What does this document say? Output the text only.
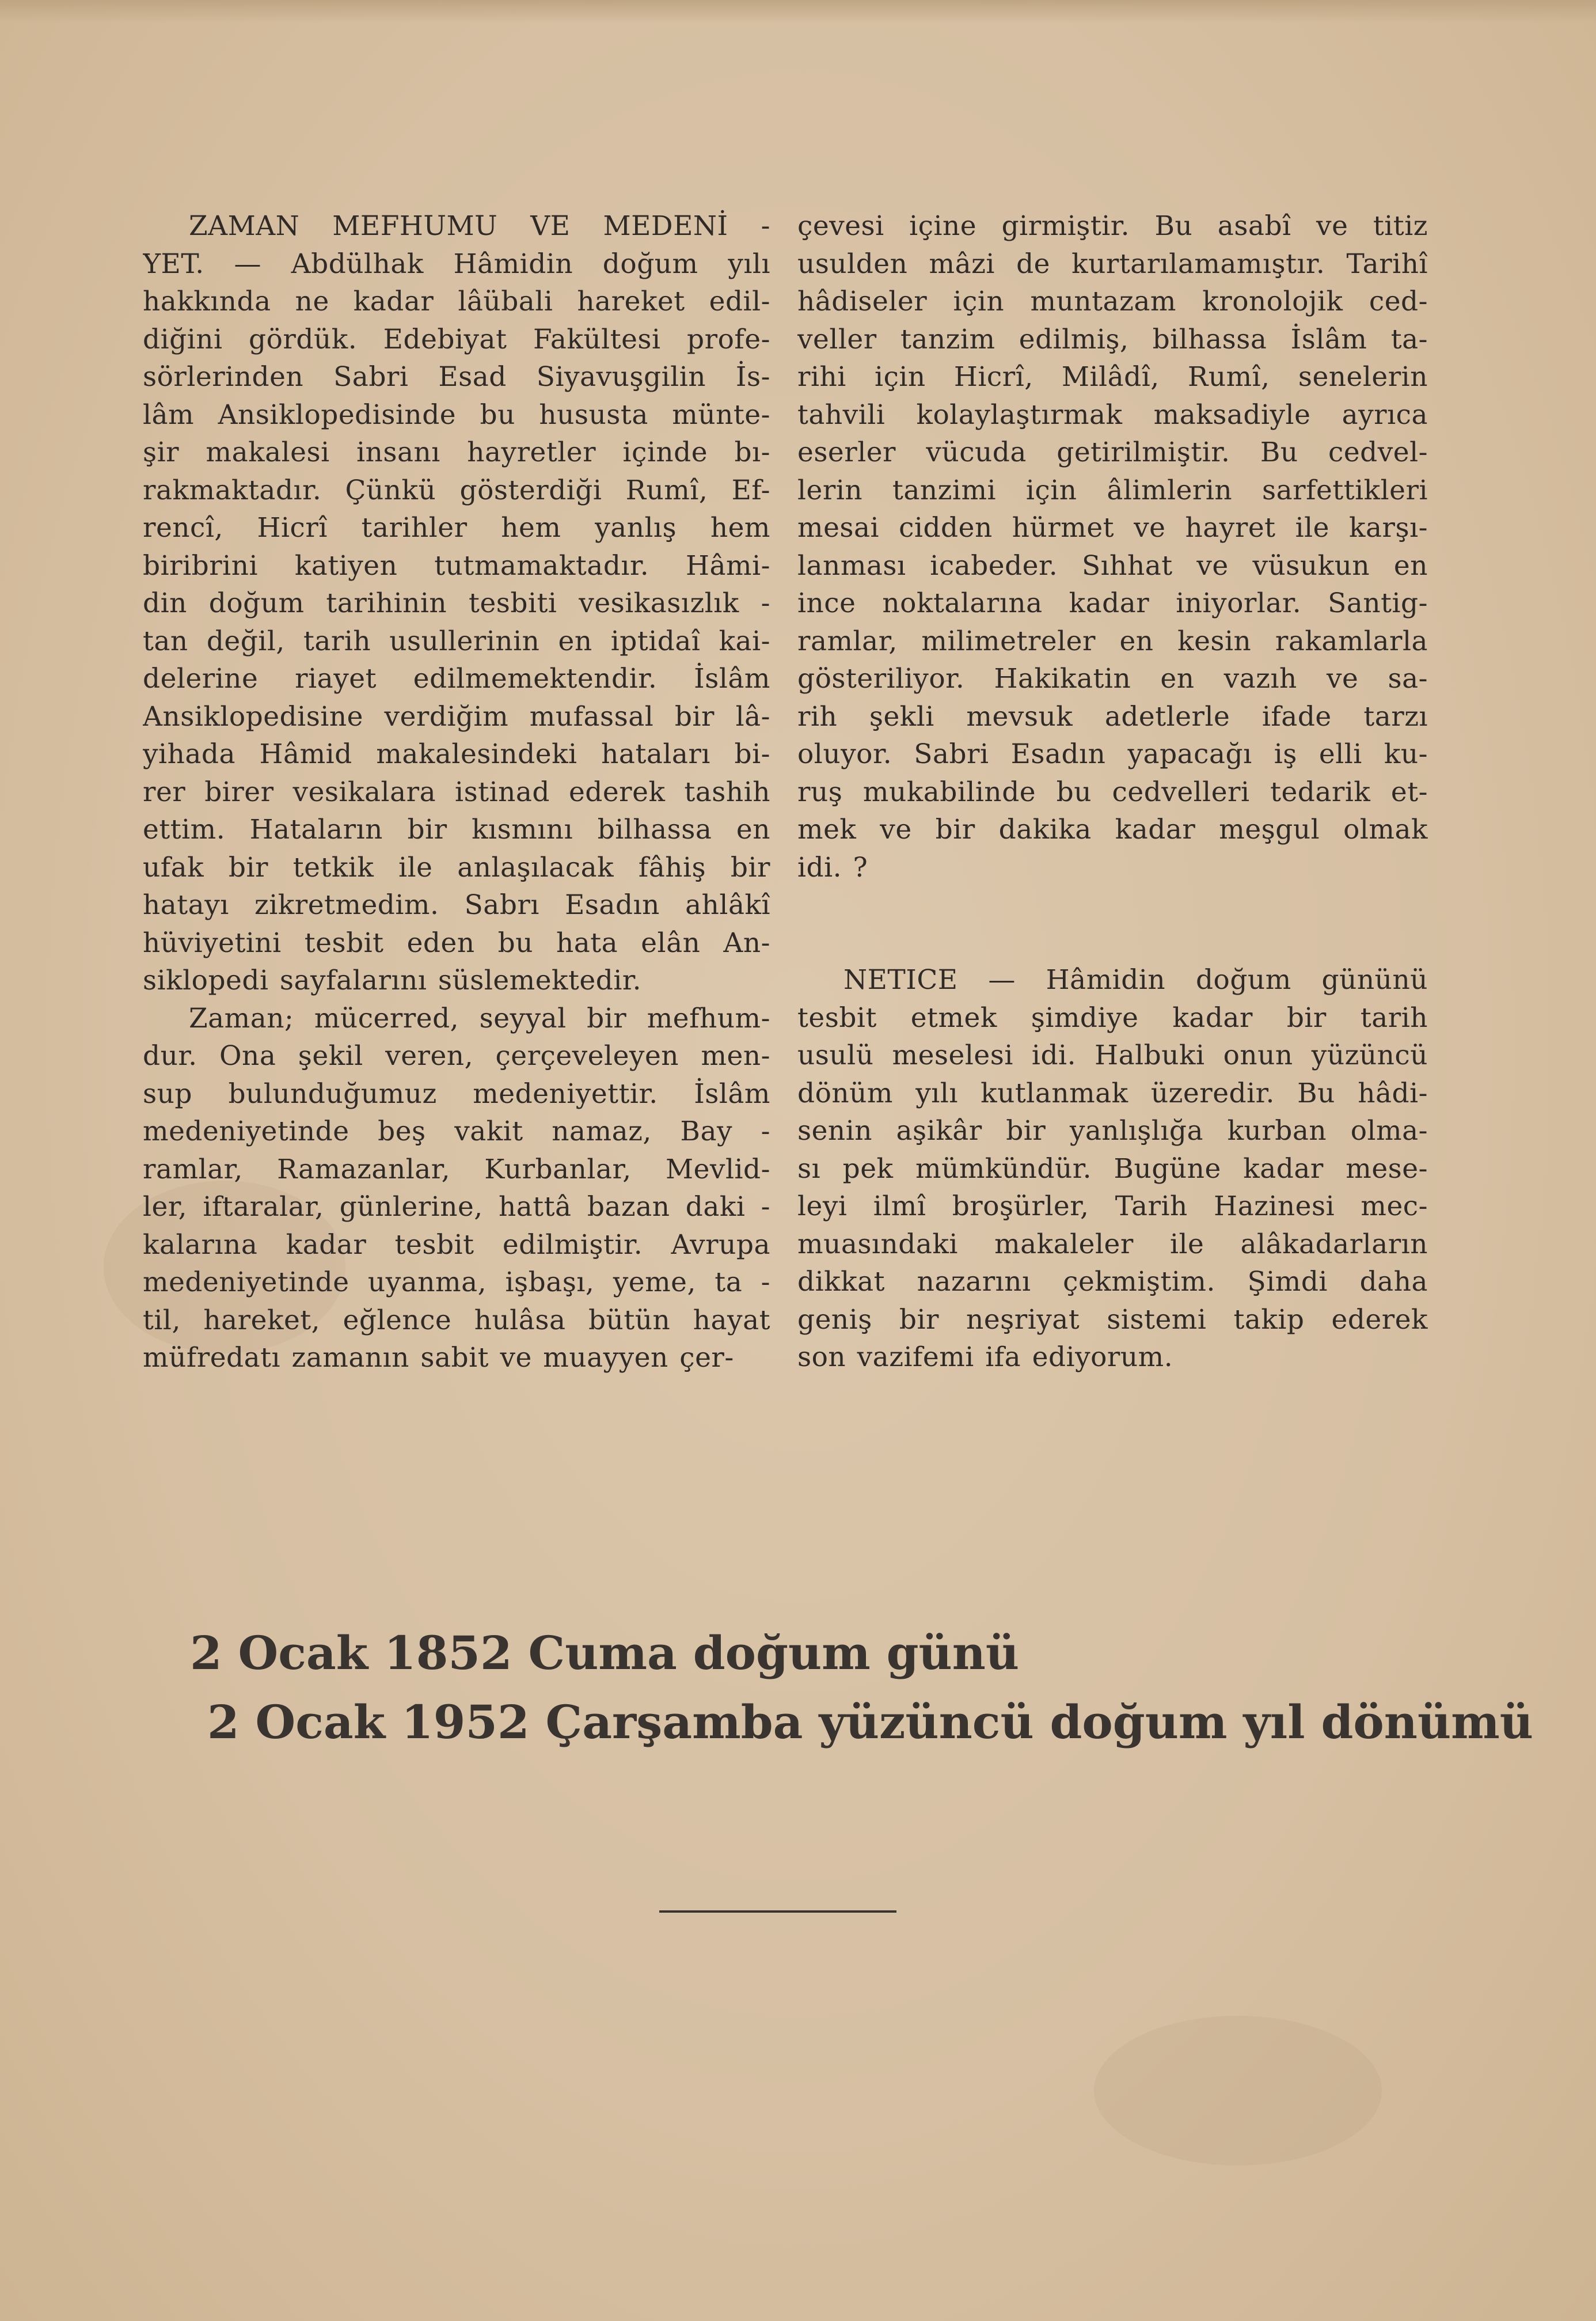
ZAMAN MEFHUMU VE MEDENİ -
YET. — Abdülhak Hâmidin doğum yılı
hakkında ne kadar lâübali hareket edil-
diğini gördük. Edebiyat Fakültesi profe-
sörlerinden Sabri Esad Siyavuşgilin İs-
lâm Ansiklopedisinde bu hususta münte-
şir makalesi insanı hayretler içinde bı-
rakmaktadır. Çünkü gösterdiği Rumî, Ef-
rencî, Hicrî tarihler hem yanlış hem
biribrini katiyen tutmamaktadır. Hâmi-
din doğum tarihinin tesbiti vesikasızlık -
tan değil, tarih usullerinin en iptidaî kai-
delerine riayet edilmemektendir. İslâm
Ansiklopedisine verdiğim mufassal bir lâ-
yihada Hâmid makalesindeki hataları bi-
rer birer vesikalara istinad ederek tashih
ettim. Hataların bir kısmını bilhassa en
ufak bir tetkik ile anlaşılacak fâhiş bir
hatayı zikretmedim. Sabrı Esadın ahlâkî
hüviyetini tesbit eden bu hata elân An-
siklopedi sayfalarını süslemektedir.
Zaman; mücerred, seyyal bir mefhum-
dur. Ona şekil veren, çerçeveleyen men-
sup bulunduğumuz medeniyettir. İslâm
medeniyetinde beş vakit namaz, Bay -
ramlar, Ramazanlar, Kurbanlar, Mevlid-
ler, iftaralar, günlerine, hattâ bazan daki -
kalarına kadar tesbit edilmiştir. Avrupa
medeniyetinde uyanma, işbaşı, yeme, ta -
til, hareket, eğlence hulâsa bütün hayat
müfredatı zamanın sabit ve muayyen çer-
çevesi içine girmiştir. Bu asabî ve titiz
usulden mâzi de kurtarılamamıştır. Tarihî
hâdiseler için muntazam kronolojik ced-
veller tanzim edilmiş, bilhassa İslâm ta-
rihi için Hicrî, Milâdî, Rumî, senelerin
tahvili kolaylaştırmak maksadiyle ayrıca
eserler vücuda getirilmiştir. Bu cedvel-
lerin tanzimi için âlimlerin sarfettikleri
mesai cidden hürmet ve hayret ile karşı-
lanması icabeder. Sıhhat ve vüsukun en
ince noktalarına kadar iniyorlar. Santig-
ramlar, milimetreler en kesin rakamlarla
gösteriliyor. Hakikatin en vazıh ve sa-
rih şekli mevsuk adetlerle ifade tarzı
oluyor. Sabri Esadın yapacağı iş elli ku-
ruş mukabilinde bu cedvelleri tedarik et-
mek ve bir dakika kadar meşgul olmak
idi. ?
NETICE — Hâmidin doğum gününü
tesbit etmek şimdiye kadar bir tarih
usulü meselesi idi. Halbuki onun yüzüncü
dönüm yılı kutlanmak üzeredir. Bu hâdi-
senin aşikâr bir yanlışlığa kurban olma-
sı pek mümkündür. Bugüne kadar mese-
leyi ilmî broşürler, Tarih Hazinesi mec-
muasındaki makaleler ile alâkadarların
dikkat nazarını çekmiştim. Şimdi daha
geniş bir neşriyat sistemi takip ederek
son vazifemi ifa ediyorum.
2 Ocak 1852 Cuma doğum günü
2 Ocak 1952 Çarşamba yüzüncü doğum yıl dönümü
